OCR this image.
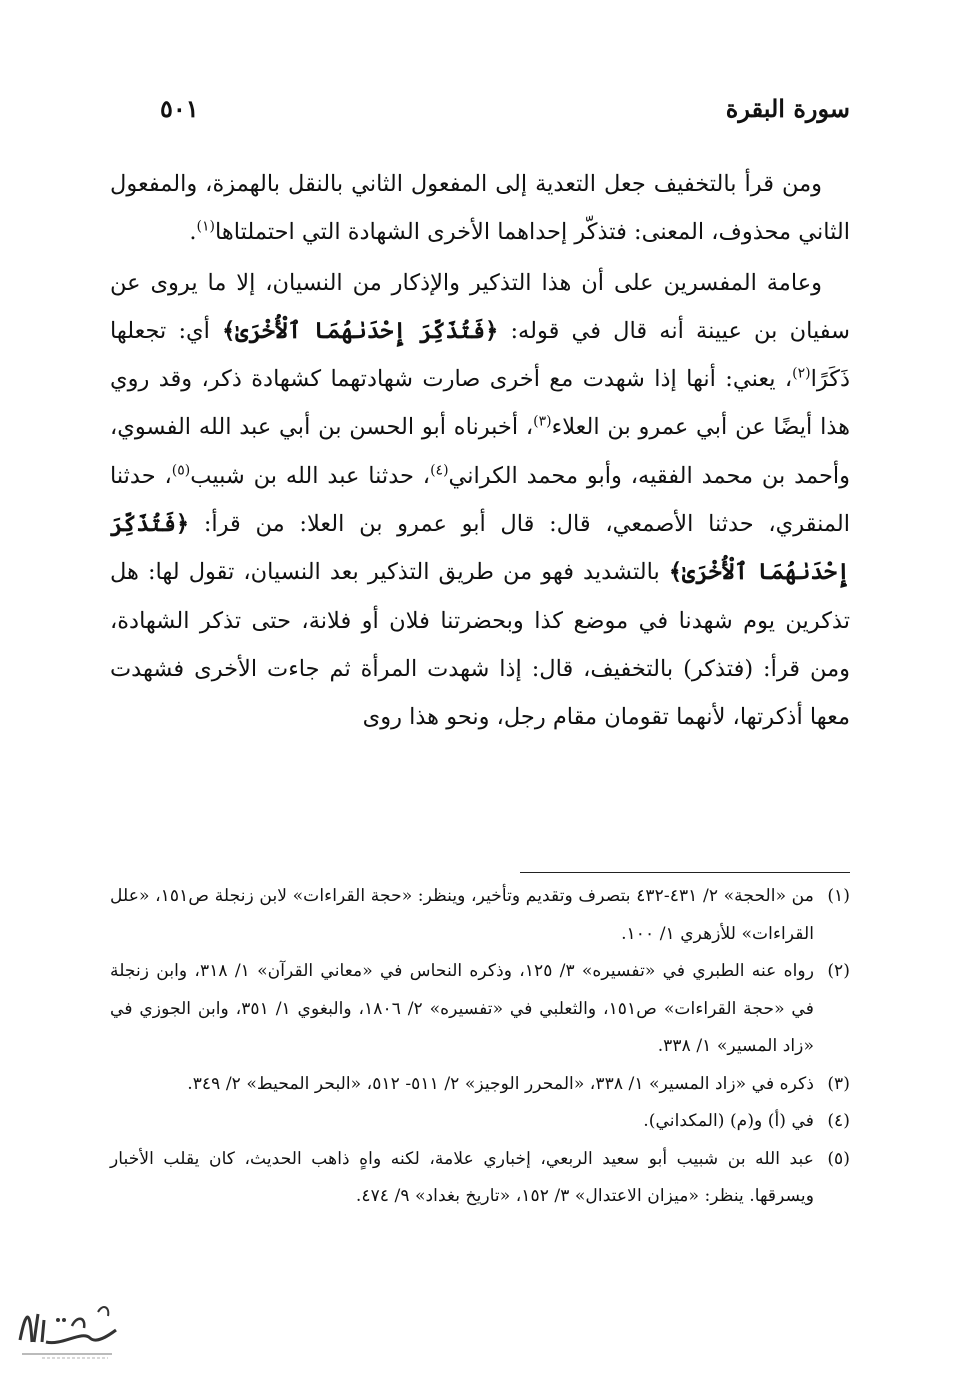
سورة البقرة
٥٠١

ومن قرأ بالتخفيف جعل التعدية إلى المفعول الثاني بالنقل بالهمزة، والمفعول الثاني محذوف، المعنى: فتذكّر إحداهما الأخرى الشهادة التي احتملتاها$^{(١)}$.

وعامة المفسرين على أن هذا التذكير والإذكار من النسيان، إلا ما يروى عن سفيان بن عيينة أنه قال في قوله: ﴿فَتُذَكِّرَ إِحْدَىٰهُمَا ٱلْأُخْرَىٰ﴾ أي: تجعلها ذَكَرًا$^{(٢)}$، يعني: أنها إذا شهدت مع أخرى صارت شهادتهما كشهادة ذكر، وقد روي هذا أيضًا عن أبي عمرو بن العلاء$^{(٣)}$، أخبرناه أبو الحسن بن أبي عبد الله الفسوي، وأحمد بن محمد الفقيه، وأبو محمد الكراني$^{(٤)}$، حدثنا عبد الله بن شبيب$^{(٥)}$، حدثنا المنقري، حدثنا الأصمعي، قال: قال أبو عمرو بن العلا: من قرأ: ﴿فَتُذَكِّرَ إِحْدَىٰهُمَا ٱلْأُخْرَىٰ﴾ بالتشديد فهو من طريق التذكير بعد النسيان، تقول لها: هل تذكرين يوم شهدنا في موضع كذا وبحضرتنا فلان أو فلانة، حتى تذكر الشهادة، ومن قرأ: (فتذكر) بالتخفيف، قال: إذا شهدت المرأة ثم جاءت الأخرى فشهدت معها أذكرتها، لأنهما تقومان مقام رجل، ونحو هذا روى

(١)
من «الحجة» ٢/ ٤٣١-٤٣٢ بتصرف وتقديم وتأخير، وينظر: «حجة القراءات» لابن زنجلة ص١٥١، «علل القراءات» للأزهري ١/ ١٠٠.
(٢)
رواه عنه الطبري في «تفسيره» ٣/ ١٢٥، وذكره النحاس في «معاني القرآن» ١/ ٣١٨، وابن زنجلة في «حجة القراءات» ص١٥١، والثعلبي في «تفسيره» ٢/ ١٨٠٦، والبغوي ١/ ٣٥١، وابن الجوزي في «زاد المسير» ١/ ٣٣٨.
(٣)
ذكره في «زاد المسير» ١/ ٣٣٨، «المحرر الوجيز» ٢/ ٥١١- ٥١٢، «البحر المحيط» ٢/ ٣٤٩.
(٤)
في (أ) و(م) (المكداني).
(٥)
عبد الله بن شبيب أبو سعيد الربعي، إخباري علامة، لكنه واهٍ ذاهب الحديث، كان يقلب الأخبار ويسرقها. ينظر: «ميزان الاعتدال» ٣/ ١٥٢، «تاريخ بغداد» ٩/ ٤٧٤.
